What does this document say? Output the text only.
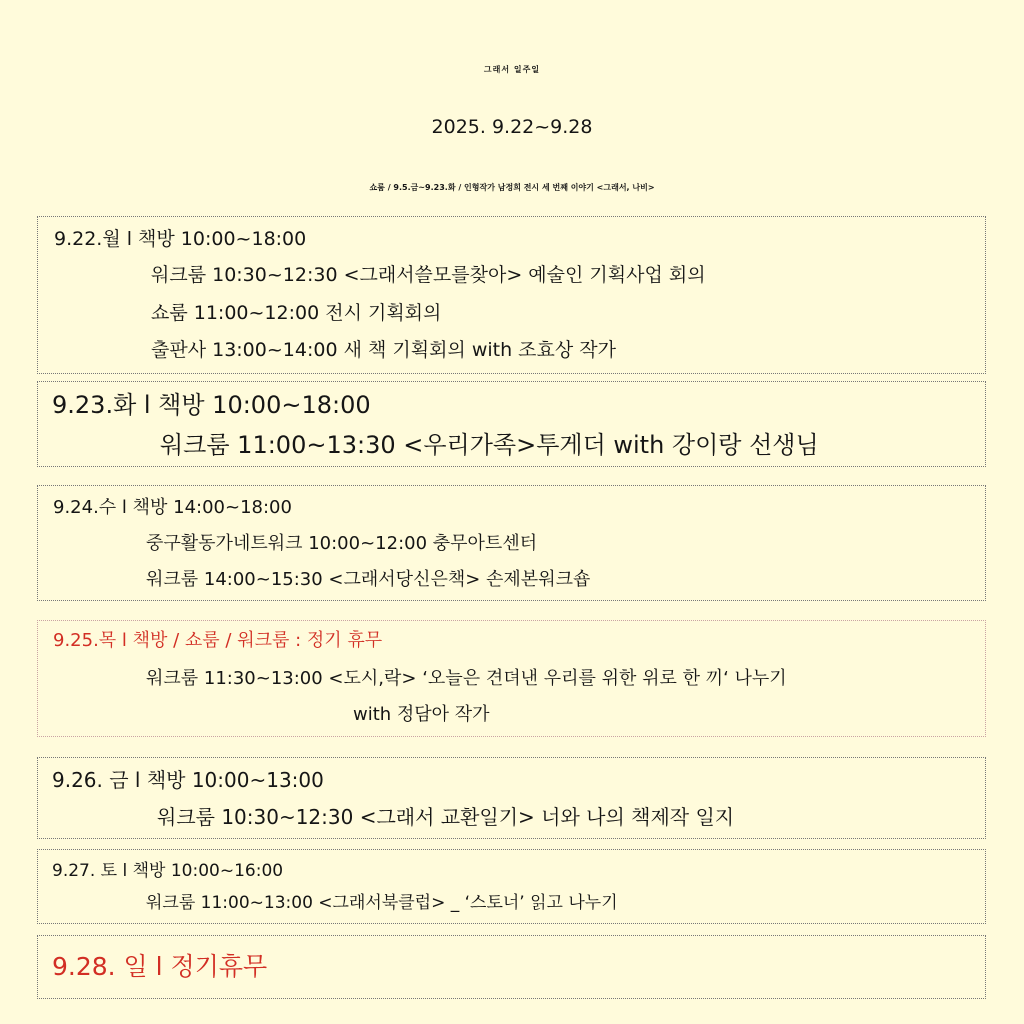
그래서 일주일
2025. 9.22~9.28
쇼룸 / 9.5.금~9.23.화 / 인형작가 남정희 전시 세 번째 이야기 <그래서, 나비>
9.22.월 l 책방 10:00~18:00
워크룸 10:30~12:30 <그래서쓸모를찾아> 예술인 기획사업 회의
쇼룸 11:00~12:00 전시 기획회의
출판사 13:00~14:00 새 책 기획회의 with 조효상 작가
9.23.화 l 책방 10:00~18:00
워크룸 11:00~13:30 <우리가족>투게더 with 강이랑 선생님
9.24.수 l 책방 14:00~18:00
중구활동가네트워크 10:00~12:00 충무아트센터
워크룸 14:00~15:30 <그래서당신은책> 손제본워크숍
9.25.목 l 책방 / 쇼룸 / 워크룸 : 정기 휴무
워크룸 11:30~13:00 <도시,락> ‘오늘은 견뎌낸 우리를 위한 위로 한 끼‘ 나누기
with 정담아 작가
9.26. 금 l 책방 10:00~13:00
워크룸 10:30~12:30 <그래서 교환일기> 너와 나의 책제작 일지
9.27. 토 l 책방 10:00~16:00
워크룸 11:00~13:00 <그래서북클럽> _ ‘스토너’ 읽고 나누기
9.28. 일 l 정기휴무
